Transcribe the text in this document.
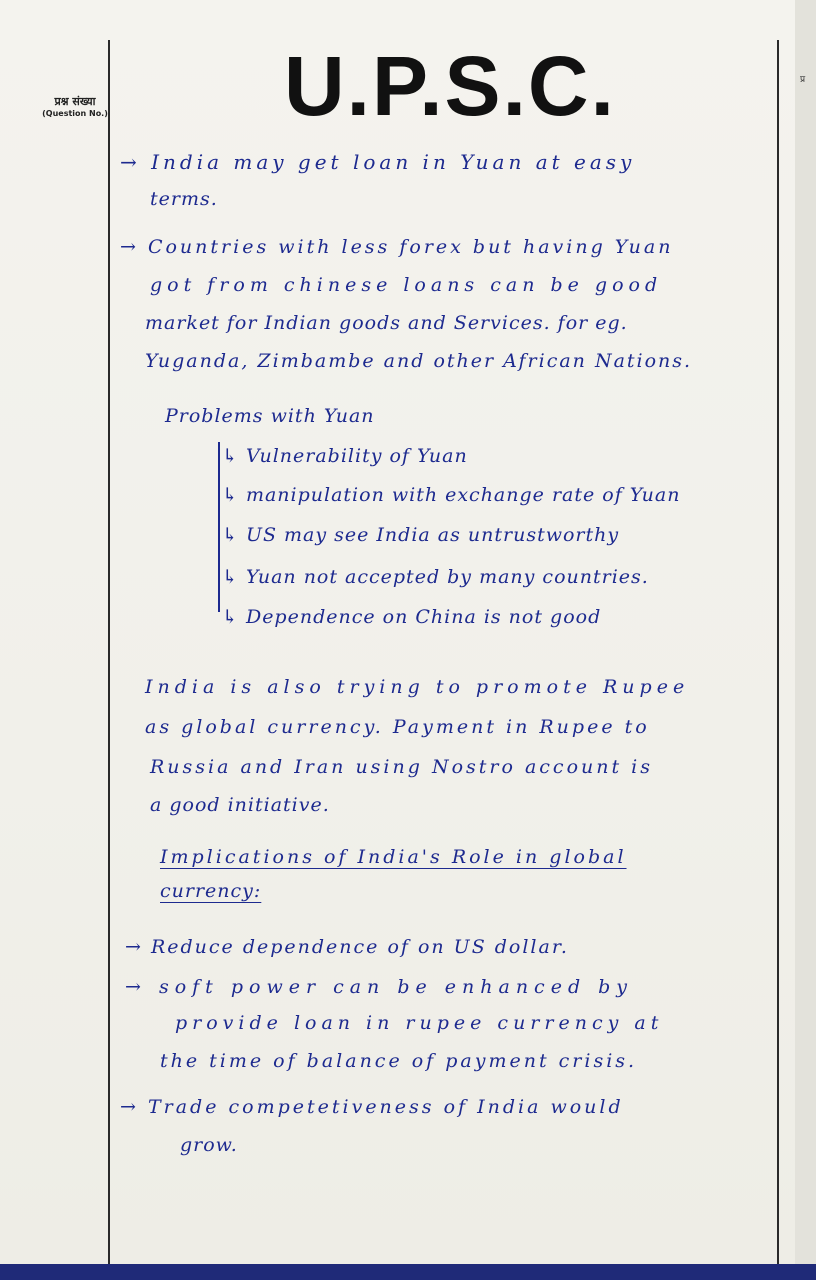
प्र
प्रश्न संख्या
(Question No.) U.P.S.C.
→ India may get loan in Yuan at easy
terms.
→ Countries with less forex but having Yuan
got from chinese loans can be good
market for Indian goods and Services. for eg.
Yuganda, Zimbambe and other African Nations.
Problems with Yuan
↳ Vulnerability of Yuan
↳ manipulation with exchange rate of Yuan
↳ US may see India as untrustworthy
↳ Yuan not accepted by many countries.
↳ Dependence on China is not good
India is also trying to promote Rupee
as global currency. Payment in Rupee to
Russia and Iran using Nostro account is
a good initiative.
Implications of India's Role in global
currency:
→ Reduce dependence of on US dollar.
→ soft power can be enhanced by
provide loan in rupee currency at
the time of balance of payment crisis.
→ Trade competetiveness of India would
grow.
